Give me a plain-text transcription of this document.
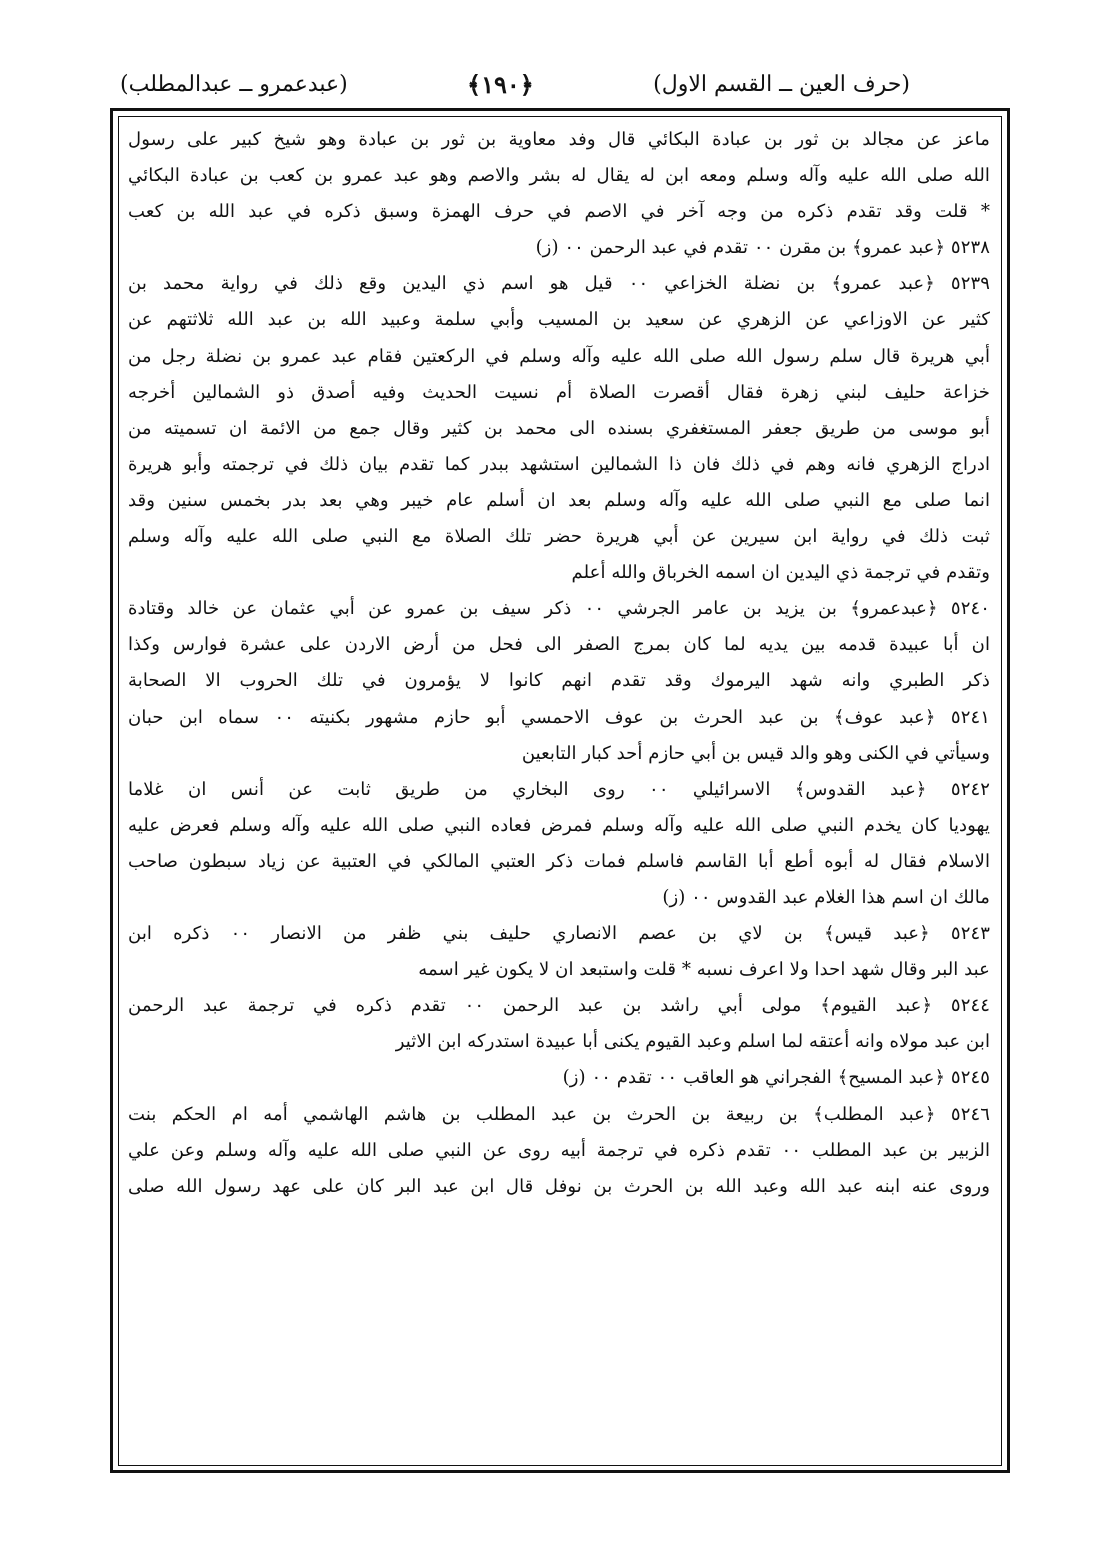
(حرف العين ــ القسم الاول)
﴿١٩٠﴾
(عبدعمرو ــ عبدالمطلب)
ماعز عن مجالد بن ثور بن عبادة البكائي قال وفد معاوية بن ثور بن عبادة وهو شيخ كبير على رسول
الله صلى الله عليه وآله وسلم ومعه ابن له يقال له بشر والاصم وهو عبد عمرو بن كعب بن عبادة البكائي
* قلت وقد تقدم ذكره من وجه آخر في الاصم في حرف الهمزة وسبق ذكره في عبد الله بن كعب
٥٢٣٨ ﴿عبد عمرو﴾ بن مقرن ٠٠ تقدم في عبد الرحمن ٠٠ (ز)
٥٢٣٩ ﴿عبد عمرو﴾ بن نضلة الخزاعي ٠٠ قيل هو اسم ذي اليدين وقع ذلك في رواية محمد بن
كثير عن الاوزاعي عن الزهري عن سعيد بن المسيب وأبي سلمة وعبيد الله بن عبد الله ثلاثتهم عن
أبي هريرة قال سلم رسول الله صلى الله عليه وآله وسلم في الركعتين فقام عبد عمرو بن نضلة رجل من
خزاعة حليف لبني زهرة فقال أقصرت الصلاة أم نسيت الحديث وفيه أصدق ذو الشمالين أخرجه
أبو موسى من طريق جعفر المستغفري بسنده الى محمد بن كثير وقال جمع من الائمة ان تسميته من
ادراج الزهري فانه وهم في ذلك فان ذا الشمالين استشهد ببدر كما تقدم بيان ذلك في ترجمته وأبو هريرة
انما صلى مع النبي صلى الله عليه وآله وسلم بعد ان أسلم عام خيبر وهي بعد بدر بخمس سنين وقد
ثبت ذلك في رواية ابن سيرين عن أبي هريرة حضر تلك الصلاة مع النبي صلى الله عليه وآله وسلم
وتقدم في ترجمة ذي اليدين ان اسمه الخرباق والله أعلم
٥٢٤٠ ﴿عبدعمرو﴾ بن يزيد بن عامر الجرشي ٠٠ ذكر سيف بن عمرو عن أبي عثمان عن خالد وقتادة
ان أبا عبيدة قدمه بين يديه لما كان بمرج الصفر الى فحل من أرض الاردن على عشرة فوارس وكذا
ذكر الطبري وانه شهد اليرموك وقد تقدم انهم كانوا لا يؤمرون في تلك الحروب الا الصحابة
٥٢٤١ ﴿عبد عوف﴾ بن عبد الحرث بن عوف الاحمسي أبو حازم مشهور بكنيته ٠٠ سماه ابن حبان
وسيأتي في الكنى وهو والد قيس بن أبي حازم أحد كبار التابعين
٥٢٤٢ ﴿عبد القدوس﴾ الاسرائيلي ٠٠ روى البخاري من طريق ثابت عن أنس ان غلاما
يهوديا كان يخدم النبي صلى الله عليه وآله وسلم فمرض فعاده النبي صلى الله عليه وآله وسلم فعرض عليه
الاسلام فقال له أبوه أطع أبا القاسم فاسلم فمات ذكر العتبي المالكي في العتبية عن زياد سبطون صاحب
مالك ان اسم هذا الغلام عبد القدوس ٠٠ (ز)
٥٢٤٣ ﴿عبد قيس﴾ بن لاي بن عصم الانصاري حليف بني ظفر من الانصار ٠٠ ذكره ابن
عبد البر وقال شهد احدا ولا اعرف نسبه * قلت واستبعد ان لا يكون غير اسمه
٥٢٤٤ ﴿عبد القيوم﴾ مولى أبي راشد بن عبد الرحمن ٠٠ تقدم ذكره في ترجمة عبد الرحمن
ابن عبد مولاه وانه أعتقه لما اسلم وعبد القيوم يكنى أبا عبيدة استدركه ابن الاثير
٥٢٤٥ ﴿عبد المسيح﴾ الفجراني هو العاقب ٠٠ تقدم ٠٠ (ز)
٥٢٤٦ ﴿عبد المطلب﴾ بن ربيعة بن الحرث بن عبد المطلب بن هاشم الهاشمي أمه ام الحكم بنت
الزبير بن عبد المطلب ٠٠ تقدم ذكره في ترجمة أبيه روى عن النبي صلى الله عليه وآله وسلم وعن علي
وروى عنه ابنه عبد الله وعبد الله بن الحرث بن نوفل قال ابن عبد البر كان على عهد رسول الله صلى
